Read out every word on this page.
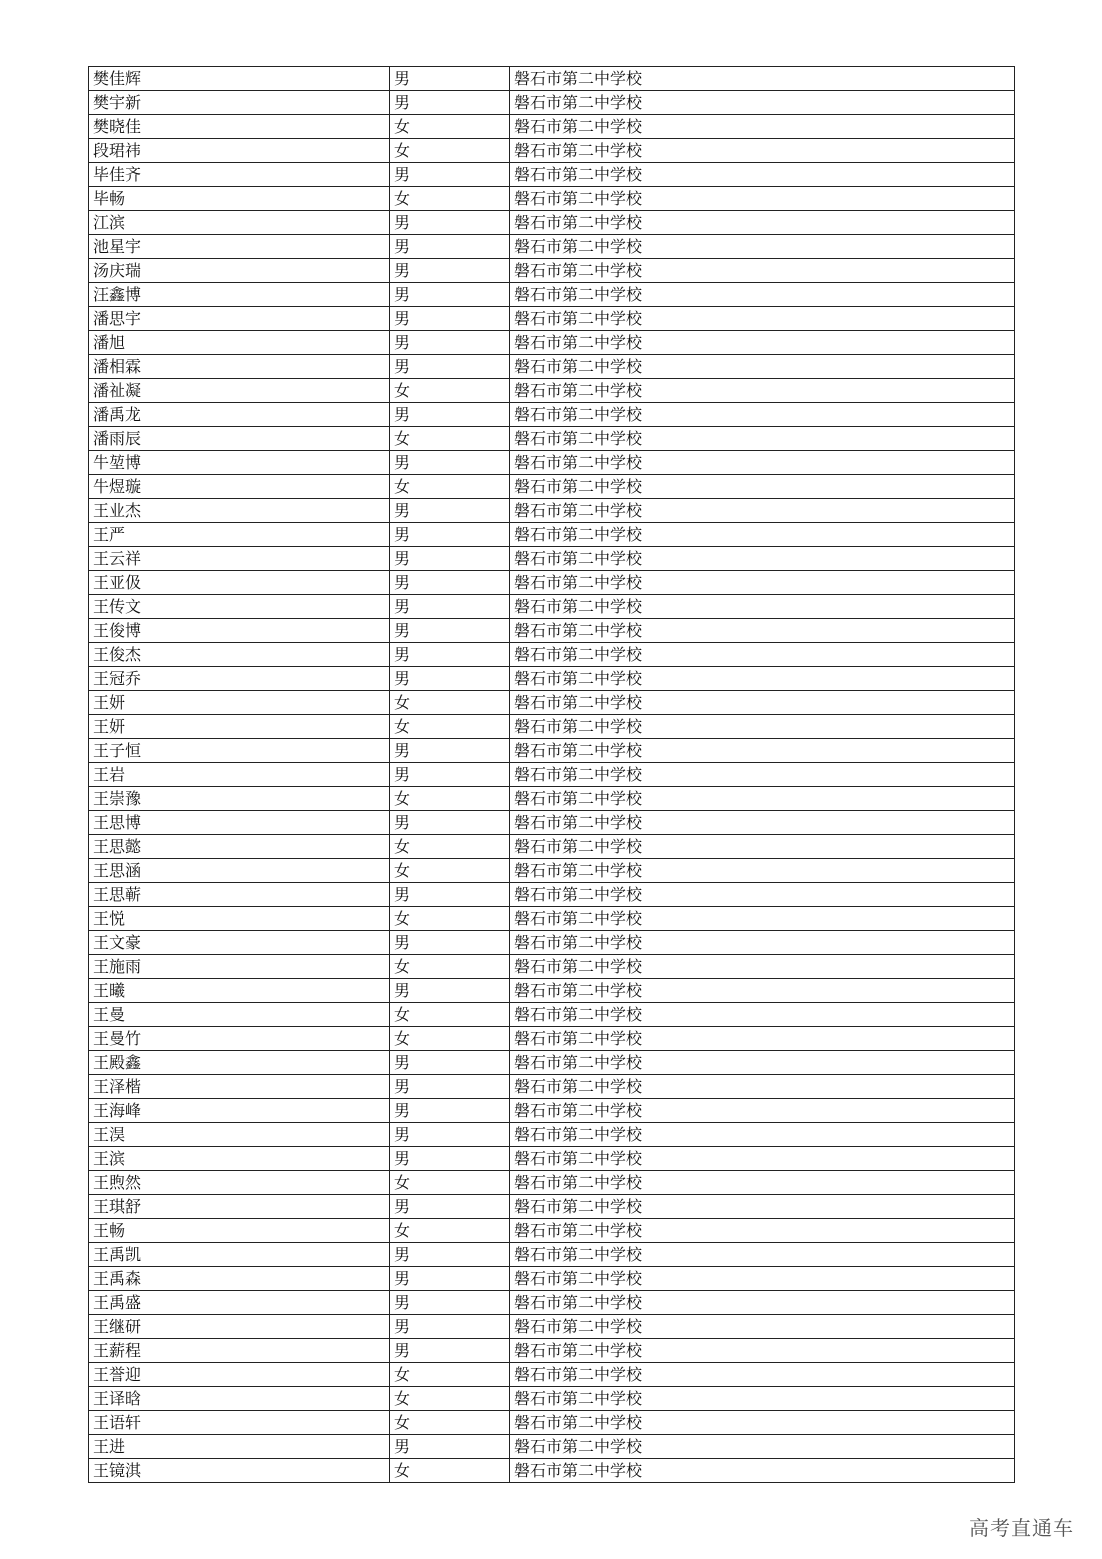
樊佳辉	男	磐石市第二中学校
樊宇新	男	磐石市第二中学校
樊晓佳	女	磐石市第二中学校
段珺祎	女	磐石市第二中学校
毕佳齐	男	磐石市第二中学校
毕畅	女	磐石市第二中学校
江滨	男	磐石市第二中学校
池星宇	男	磐石市第二中学校
汤庆瑞	男	磐石市第二中学校
汪鑫博	男	磐石市第二中学校
潘思宇	男	磐石市第二中学校
潘旭	男	磐石市第二中学校
潘相霖	男	磐石市第二中学校
潘祉凝	女	磐石市第二中学校
潘禹龙	男	磐石市第二中学校
潘雨辰	女	磐石市第二中学校
牛堃博	男	磐石市第二中学校
牛煜璇	女	磐石市第二中学校
王业杰	男	磐石市第二中学校
王严	男	磐石市第二中学校
王云祥	男	磐石市第二中学校
王亚伋	男	磐石市第二中学校
王传文	男	磐石市第二中学校
王俊博	男	磐石市第二中学校
王俊杰	男	磐石市第二中学校
王冠乔	男	磐石市第二中学校
王妍	女	磐石市第二中学校
王妍	女	磐石市第二中学校
王子恒	男	磐石市第二中学校
王岩	男	磐石市第二中学校
王崇豫	女	磐石市第二中学校
王思博	男	磐石市第二中学校
王思懿	女	磐石市第二中学校
王思涵	女	磐石市第二中学校
王思蕲	男	磐石市第二中学校
王悦	女	磐石市第二中学校
王文豪	男	磐石市第二中学校
王施雨	女	磐石市第二中学校
王曦	男	磐石市第二中学校
王曼	女	磐石市第二中学校
王曼竹	女	磐石市第二中学校
王殿鑫	男	磐石市第二中学校
王泽楷	男	磐石市第二中学校
王海峰	男	磐石市第二中学校
王淏	男	磐石市第二中学校
王滨	男	磐石市第二中学校
王煦然	女	磐石市第二中学校
王琪舒	男	磐石市第二中学校
王畅	女	磐石市第二中学校
王禹凯	男	磐石市第二中学校
王禹森	男	磐石市第二中学校
王禹盛	男	磐石市第二中学校
王继研	男	磐石市第二中学校
王薪程	男	磐石市第二中学校
王誉迎	女	磐石市第二中学校
王译晗	女	磐石市第二中学校
王语轩	女	磐石市第二中学校
王进	男	磐石市第二中学校
王镜淇	女	磐石市第二中学校
高考直通车
